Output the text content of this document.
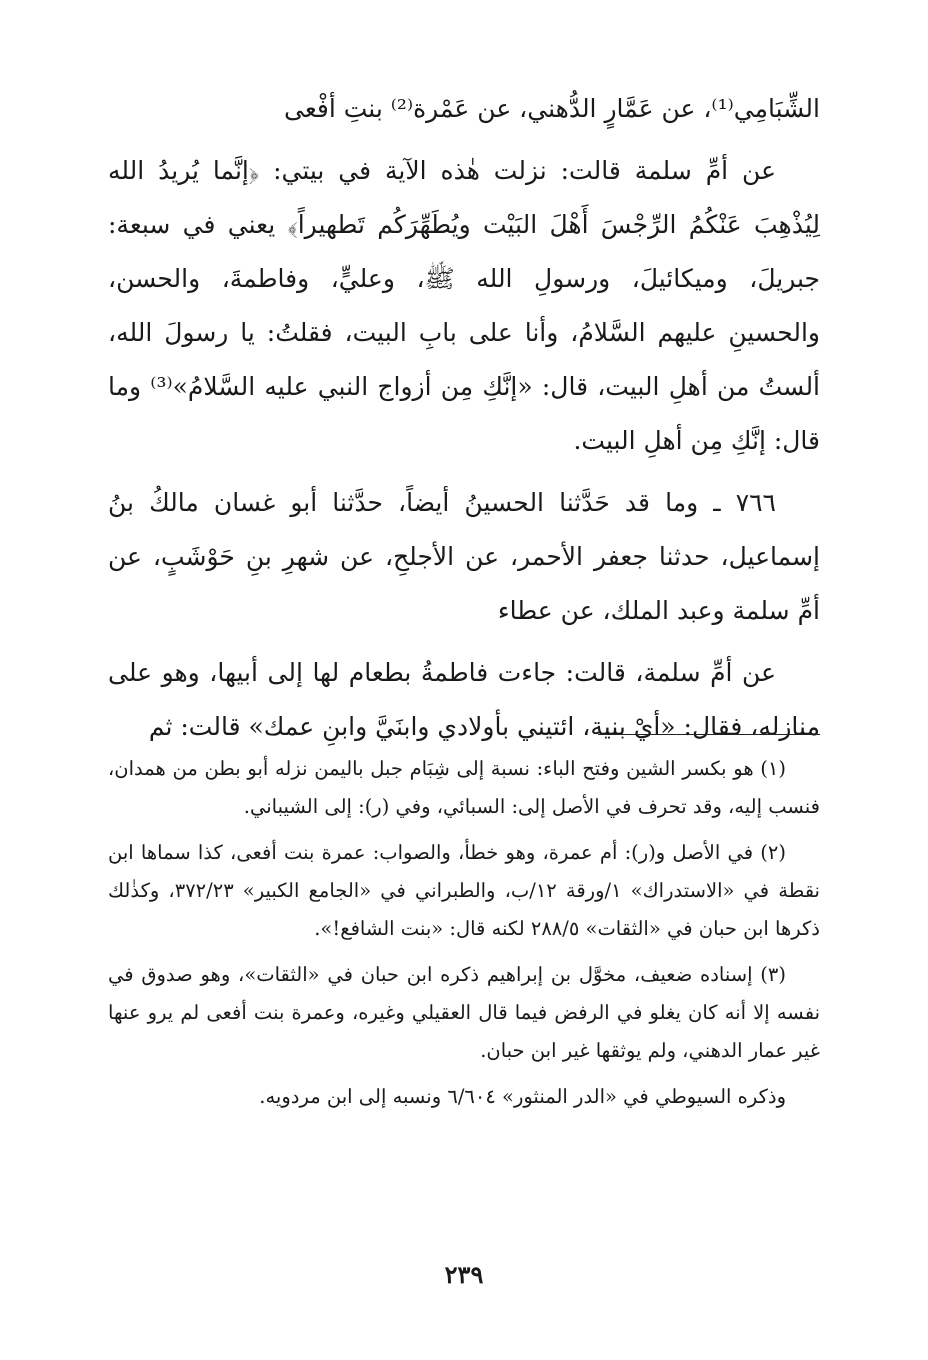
الشِّبَامِي⁽¹⁾، عن عَمَّارٍ الدُّهني، عن عَمْرة⁽²⁾ بنتِ أفْعى

عن أمِّ سلمة قالت: نزلت هٰذه الآية في بيتي: ﴿إنَّما يُريدُ الله لِيُذْهِبَ عَنْكُمُ الرِّجْسَ أَهْلَ البَيْت ويُطَهِّرَكُم تَطهيراً﴾ يعني في سبعة: جبريلَ، وميكائيلَ، ورسولِ الله ﷺ، وعليٍّ، وفاطمةَ، والحسن، والحسينِ عليهم السَّلامُ، وأنا على بابِ البيت، فقلتُ: يا رسولَ الله، ألستُ من أهلِ البيت، قال: «إنَّكِ مِن أزواج النبي عليه السَّلامُ»⁽³⁾ وما قال: إنَّكِ مِن أهلِ البيت.

٧٦٦ ـ وما قد حَدَّثنا الحسينُ أيضاً، حدَّثنا أبو غسان مالكُ بنُ إسماعيل، حدثنا جعفر الأحمر، عن الأجلحِ، عن شهرِ بنِ حَوْشَبٍ، عن أمِّ سلمة وعبد الملك، عن عطاء

عن أمِّ سلمة، قالت: جاءت فاطمةُ بطعام لها إلى أبيها، وهو على منازله، فقال: «أيْ بنية، ائتيني بأولادي وابنَيَّ وابنِ عمك» قالت: ثم

(١) هو بكسر الشين وفتح الباء: نسبة إلى شِبَام جبل باليمن نزله أبو بطن من همدان، فنسب إليه، وقد تحرف في الأصل إلى: السبائي، وفي (ر): إلى الشيباني.

(٢) في الأصل و(ر): أم عمرة، وهو خطأ، والصواب: عمرة بنت أفعى، كذا سماها ابن نقطة في «الاستدراك» ١/ورقة ١٢/ب، والطبراني في «الجامع الكبير» ٣٧٢/٢٣، وكذٰلك ذكرها ابن حبان في «الثقات» ٢٨٨/٥ لكنه قال: «بنت الشافع!».

(٣) إسناده ضعيف، مخوَّل بن إبراهيم ذكره ابن حبان في «الثقات»، وهو صدوق في نفسه إلا أنه كان يغلو في الرفض فيما قال العقيلي وغيره، وعمرة بنت أفعى لم يرو عنها غير عمار الدهني، ولم يوثقها غير ابن حبان.

وذكره السيوطي في «الدر المنثور» ٦/٦٠٤ ونسبه إلى ابن مردويه.

٢٣٩
